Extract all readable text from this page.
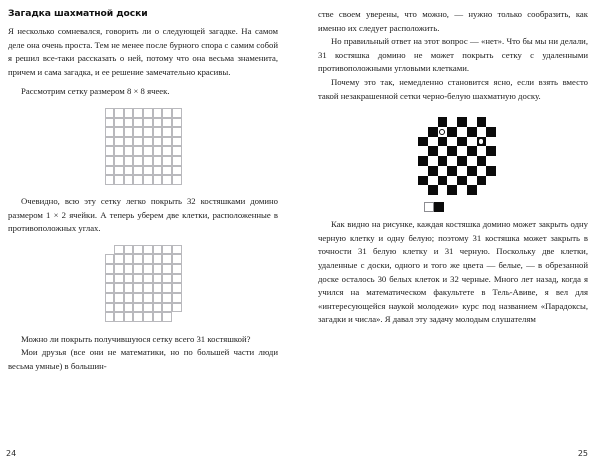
Загадка шахматной доски

Я несколько сомневался, говорить ли о следующей загадке. На самом деле она очень проста. Тем не менее после бурного спора с самим собой я решил все-таки рассказать о ней, потому что она весьма знаменита, причем и сама загадка, и ее решение замечательно красивы.

Рассмотрим сетку размером 8 × 8 ячеек.

Очевидно, всю эту сетку легко покрыть 32 костяшками домино размером 1 × 2 ячейки. А теперь уберем две клетки, расположенные в противоположных углах.

Можно ли покрыть получившуюся сетку всего 31 костяшкой?

Мои друзья (все они не математики, но по большей части люди весьма умные) в большин-

24

стве своем уверены, что можно, — нужно только сообразить, как именно их следует расположить.

Но правильный ответ на этот вопрос — «нет». Что бы мы ни делали, 31 костяшка домино не может покрыть сетку с удаленными противоположными угловыми клетками.

Почему это так, немедленно становится ясно, если взять вместо такой незакрашенной сетки черно-белую шахматную доску.

Как видно на рисунке, каждая костяшка домино может закрыть одну черную клетку и одну белую; поэтому 31 костяшка может закрыть в точности 31 белую клетку и 31 черную. Поскольку две клетки, удаленные с доски, одного и того же цвета — белые, — в обрезанной доске осталось 30 белых клеток и 32 черные. Много лет назад, когда я учился на математическом факультете в Тель-Авиве, я вел для «интересующейся наукой молодежи» курс под названием «Парадоксы, загадки и числа». Я давал эту задачу молодым слушателям

25
